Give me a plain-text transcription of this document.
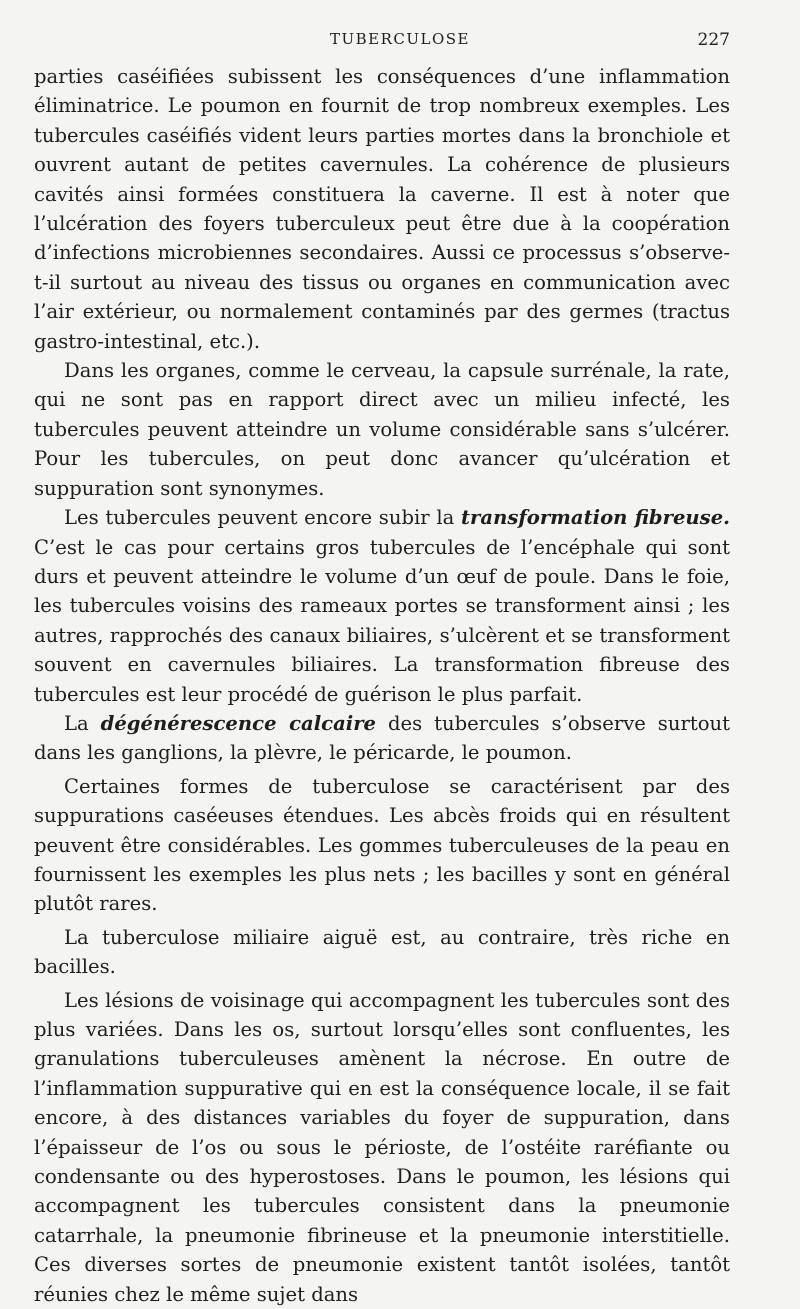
TUBERCULOSE	227

parties caséifiées subissent les conséquences d’une inflammation éliminatrice. Le poumon en fournit de trop nombreux exemples. Les tubercules caséifiés vident leurs parties mortes dans la bronchiole et ouvrent autant de petites cavernules. La cohérence de plusieurs cavités ainsi formées constituera la caverne. Il est à noter que l’ulcération des foyers tuberculeux peut être due à la coopération d’infections microbiennes secondaires. Aussi ce processus s’observe-t-il surtout au niveau des tissus ou organes en communication avec l’air extérieur, ou normalement contaminés par des germes (tractus gastro-intestinal, etc.).

Dans les organes, comme le cerveau, la capsule surrénale, la rate, qui ne sont pas en rapport direct avec un milieu infecté, les tubercules peuvent atteindre un volume considérable sans s’ulcérer. Pour les tubercules, on peut donc avancer qu’ulcération et suppuration sont synonymes.

Les tubercules peuvent encore subir la transformation fibreuse. C’est le cas pour certains gros tubercules de l’encéphale qui sont durs et peuvent atteindre le volume d’un œuf de poule. Dans le foie, les tubercules voisins des rameaux portes se transforment ainsi ; les autres, rapprochés des canaux biliaires, s’ulcèrent et se transforment souvent en cavernules biliaires. La transformation fibreuse des tubercules est leur procédé de guérison le plus parfait.

La dégénérescence calcaire des tubercules s’observe surtout dans les ganglions, la plèvre, le péricarde, le poumon.

Certaines formes de tuberculose se caractérisent par des suppurations caséeuses étendues. Les abcès froids qui en résultent peuvent être considérables. Les gommes tuberculeuses de la peau en fournissent les exemples les plus nets ; les bacilles y sont en général plutôt rares.

La tuberculose miliaire aiguë est, au contraire, très riche en bacilles.

Les lésions de voisinage qui accompagnent les tubercules sont des plus variées. Dans les os, surtout lorsqu’elles sont confluentes, les granulations tuberculeuses amènent la nécrose. En outre de l’inflammation suppurative qui en est la conséquence locale, il se fait encore, à des distances variables du foyer de suppuration, dans l’épaisseur de l’os ou sous le périoste, de l’ostéite raréfiante ou condensante ou des hyperostoses. Dans le poumon, les lésions qui accompagnent les tubercules consistent dans la pneumonie catarrhale, la pneumonie fibrineuse et la pneumonie interstitielle. Ces diverses sortes de pneumonie existent tantôt isolées, tantôt réunies chez le même sujet dans
